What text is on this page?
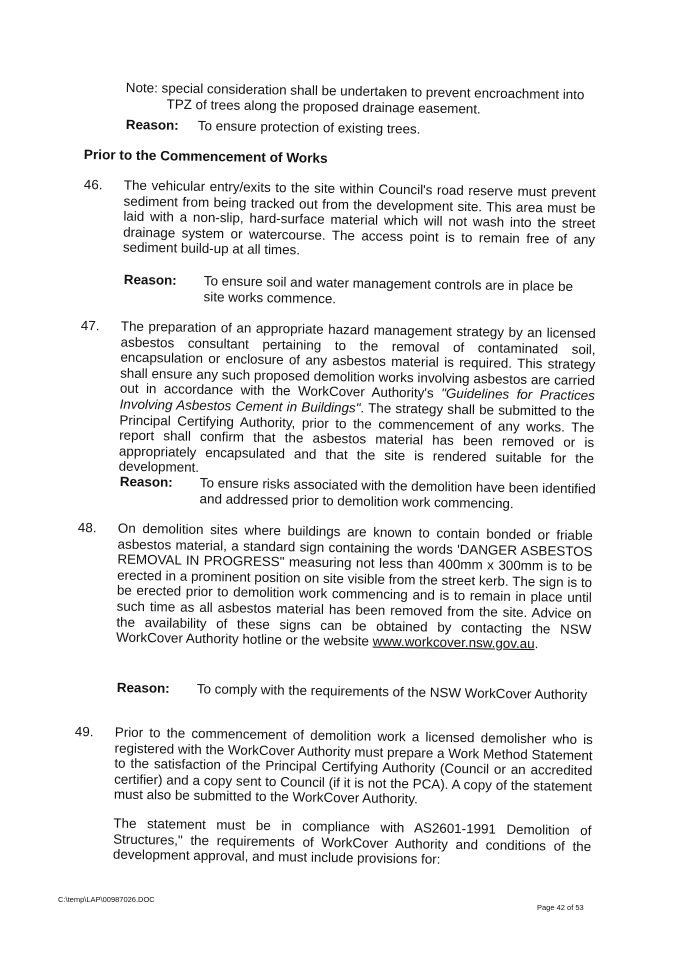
Note: special consideration shall be undertaken to prevent encroachment into
TPZ of trees along the proposed drainage easement.
Reason:	To ensure protection of existing trees.
Prior to the Commencement of Works
46.	The vehicular entry/exits to the site within Council's road reserve must prevent sediment from being tracked out from the development site. This area must be laid with a non-slip, hard-surface material which will not wash into the street drainage system or watercourse. The access point is to remain free of any sediment build-up at all times.
Reason:	To ensure soil and water management controls are in place be site works commence.
47.	The preparation of an appropriate hazard management strategy by an licensed asbestos consultant pertaining to the removal of contaminated soil, encapsulation or enclosure of any asbestos material is required. This strategy shall ensure any such proposed demolition works involving asbestos are carried out in accordance with the WorkCover Authority's "Guidelines for Practices Involving Asbestos Cement in Buildings". The strategy shall be submitted to the Principal Certifying Authority, prior to the commencement of any works. The report shall confirm that the asbestos material has been removed or is appropriately encapsulated and that the site is rendered suitable for the development.
Reason:	To ensure risks associated with the demolition have been identified and addressed prior to demolition work commencing.
48.	On demolition sites where buildings are known to contain bonded or friable asbestos material, a standard sign containing the words 'DANGER ASBESTOS REMOVAL IN PROGRESS" measuring not less than 400mm x 300mm is to be erected in a prominent position on site visible from the street kerb. The sign is to be erected prior to demolition work commencing and is to remain in place until such time as all asbestos material has been removed from the site. Advice on the availability of these signs can be obtained by contacting the NSW WorkCover Authority hotline or the website www.workcover.nsw.gov.au.
Reason:	To comply with the requirements of the NSW WorkCover Authority
49.	Prior to the commencement of demolition work a licensed demolisher who is registered with the WorkCover Authority must prepare a Work Method Statement to the satisfaction of the Principal Certifying Authority (Council or an accredited certifier) and a copy sent to Council (if it is not the PCA). A copy of the statement must also be submitted to the WorkCover Authority.

The statement must be in compliance with AS2601-1991 Demolition of Structures," the requirements of WorkCover Authority and conditions of the development approval, and must include provisions for:

C:\temp\LAP\00987026.DOC
Page 42 of 53
